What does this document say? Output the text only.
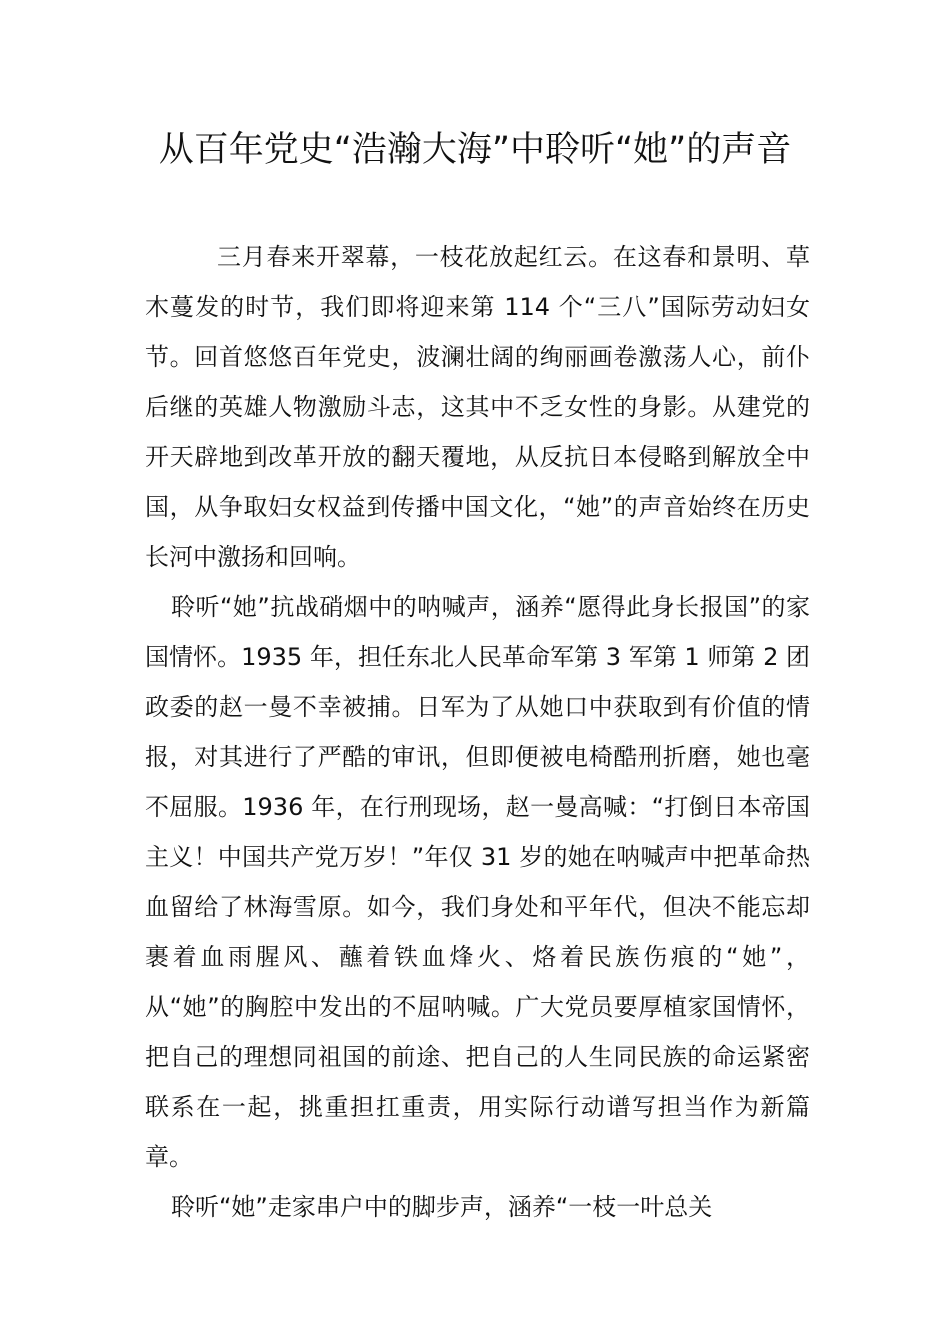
从百年党史“浩瀚大海”中聆听“她”的声音

三月春来开翠幕，一枝花放起红云。在这春和景明、草木蔓发的时节，我们即将迎来第 114 个“三八”国际劳动妇女节。回首悠悠百年党史，波澜壮阔的绚丽画卷激荡人心，前仆后继的英雄人物激励斗志，这其中不乏女性的身影。从建党的开天辟地到改革开放的翻天覆地，从反抗日本侵略到解放全中国，从争取妇女权益到传播中国文化，“她”的声音始终在历史长河中激扬和回响。

聆听“她”抗战硝烟中的呐喊声，涵养“愿得此身长报国”的家国情怀。1935 年，担任东北人民革命军第 3 军第 1 师第 2 团政委的赵一曼不幸被捕。日军为了从她口中获取到有价值的情报，对其进行了严酷的审讯，但即便被电椅酷刑折磨，她也毫不屈服。1936 年，在行刑现场，赵一曼高喊：“打倒日本帝国主义！中国共产党万岁！”年仅 31 岁的她在呐喊声中把革命热血留给了林海雪原。如今，我们身处和平年代，但决不能忘却裹着血雨腥风、蘸着铁血烽火、烙着民族伤痕的“她”，从“她”的胸腔中发出的不屈呐喊。广大党员要厚植家国情怀，把自己的理想同祖国的前途、把自己的人生同民族的命运紧密联系在一起，挑重担扛重责，用实际行动谱写担当作为新篇章。

聆听“她”走家串户中的脚步声，涵养“一枝一叶总关
